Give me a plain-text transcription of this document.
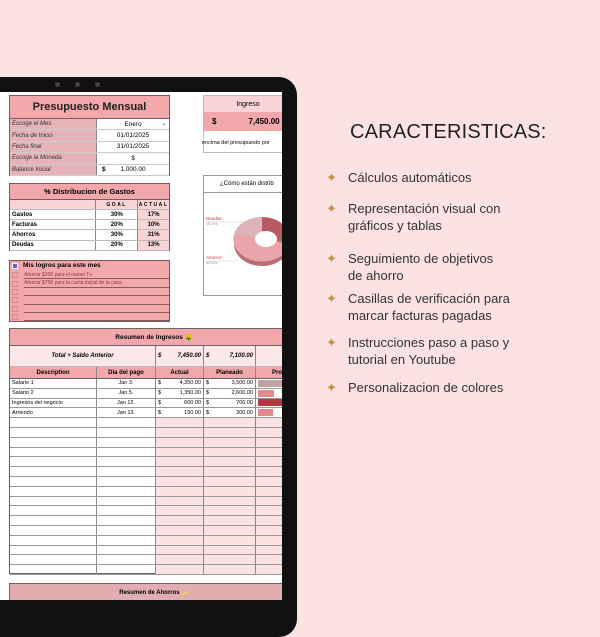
Presupuesto Mensual
Escoge el Mes	Enero	▼
Fecha de Inicio	01/01/2025
Fecha final	31/01/2025
Escoge la Moneda	$
Balance Inicial	$ 1,000.00
Ingreso
$	7,450.00
encima del presupuesto por
% Distribucion de Gastos
GOAL	ACTUAL
Gastos	30%	17%
Facturas	20%	10%
Ahorros	30%	31%
Deudas	20%	13%
¿Cómo están distrib
Deudas
18.9%
Ahorros
45.8%
Mis logros para este mes
Ahorrar $200 para el nuevo Tv
Ahorrar $700 para la cuota inicial de la casa
Resumen de Ingresos
🤑
Total + Saldo Anterior	$	7,450.00 $	7,100.00
Description	Dia del pago	Actual	Planeado	Pro
Salario 1	Jan 3.	$	4,350.00 $	3,500.00
Salario 2	Jan 5.	$	1,350.00 $	2,600.00
Ingresos del negocio	Jan 12.	$	600.00 $	700.00
Arriendo	Jan 13.	$	150.00 $	300.00
Resumen de Ahorros
✨
CARACTERISTICAS:
✦ Cálculos automáticos
✦ Representación visual con
gráficos y tablas
✦ Seguimiento de objetivos
de ahorro
✦ Casillas de verificación para
marcar facturas pagadas
✦ Instrucciones paso a paso y
tutorial en Youtube
✦ Personalizacion de colores
